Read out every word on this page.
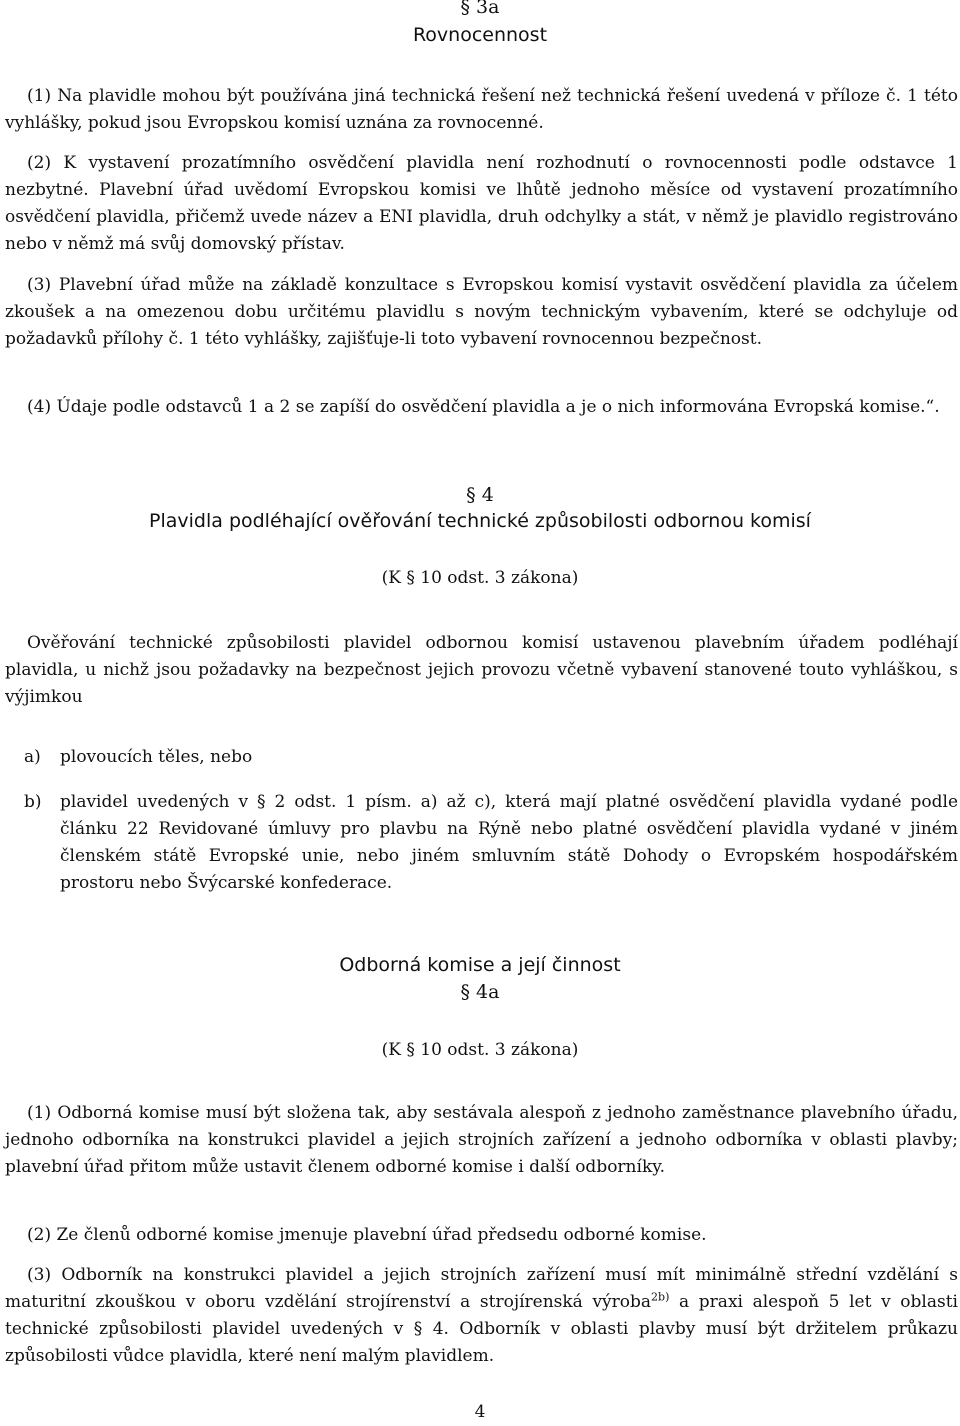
§ 3a
Rovnocennost

(1) Na plavidle mohou být používána jiná technická řešení než technická řešení uvedená v příloze č. 1 této vyhlášky, pokud jsou Evropskou komisí uznána za rovnocenné.

(2) K vystavení prozatímního osvědčení plavidla není rozhodnutí o rovnocennosti podle odstavce 1 nezbytné. Plavební úřad uvědomí Evropskou komisi ve lhůtě jednoho měsíce od vystavení prozatímního osvědčení plavidla, přičemž uvede název a ENI plavidla, druh odchylky a stát, v němž je plavidlo registrováno nebo v němž má svůj domovský přístav.

(3) Plavební úřad může na základě konzultace s Evropskou komisí vystavit osvědčení plavidla za účelem zkoušek a na omezenou dobu určitému plavidlu s novým technickým vybavením, které se odchyluje od požadavků přílohy č. 1 této vyhlášky, zajišťuje-li toto vybavení rovnocennou bezpečnost.

(4) Údaje podle odstavců 1 a 2 se zapíší do osvědčení plavidla a je o nich informována Evropská komise.“.

§ 4
Plavidla podléhající ověřování technické způsobilosti odbornou komisí
(K § 10 odst. 3 zákona)

Ověřování technické způsobilosti plavidel odbornou komisí ustavenou plavebním úřadem podléhají plavidla, u nichž jsou požadavky na bezpečnost jejich provozu včetně vybavení stanovené touto vyhláškou, s výjimkou

a) plovoucích těles, nebo
b) plavidel uvedených v § 2 odst. 1 písm. a) až c), která mají platné osvědčení plavidla vydané podle článku 22 Revidované úmluvy pro plavbu na Rýně nebo platné osvědčení plavidla vydané v jiném členském státě Evropské unie, nebo jiném smluvním státě Dohody o Evropském hospodářském prostoru nebo Švýcarské konfederace.
Odborná komise a její činnost
§ 4a
(K § 10 odst. 3 zákona)

(1) Odborná komise musí být složena tak, aby sestávala alespoň z jednoho zaměstnance plavebního úřadu, jednoho odborníka na konstrukci plavidel a jejich strojních zařízení a jednoho odborníka v oblasti plavby; plavební úřad přitom může ustavit členem odborné komise i další odborníky.

(2) Ze členů odborné komise jmenuje plavební úřad předsedu odborné komise.

(3) Odborník na konstrukci plavidel a jejich strojních zařízení musí mít minimálně střední vzdělání s maturitní zkouškou v oboru vzdělání strojírenství a strojírenská výroba$^{2b)}$ a praxi alespoň 5 let v oblasti technické způsobilosti plavidel uvedených v § 4. Odborník v oblasti plavby musí být držitelem průkazu způsobilosti vůdce plavidla, které není malým plavidlem.

4
